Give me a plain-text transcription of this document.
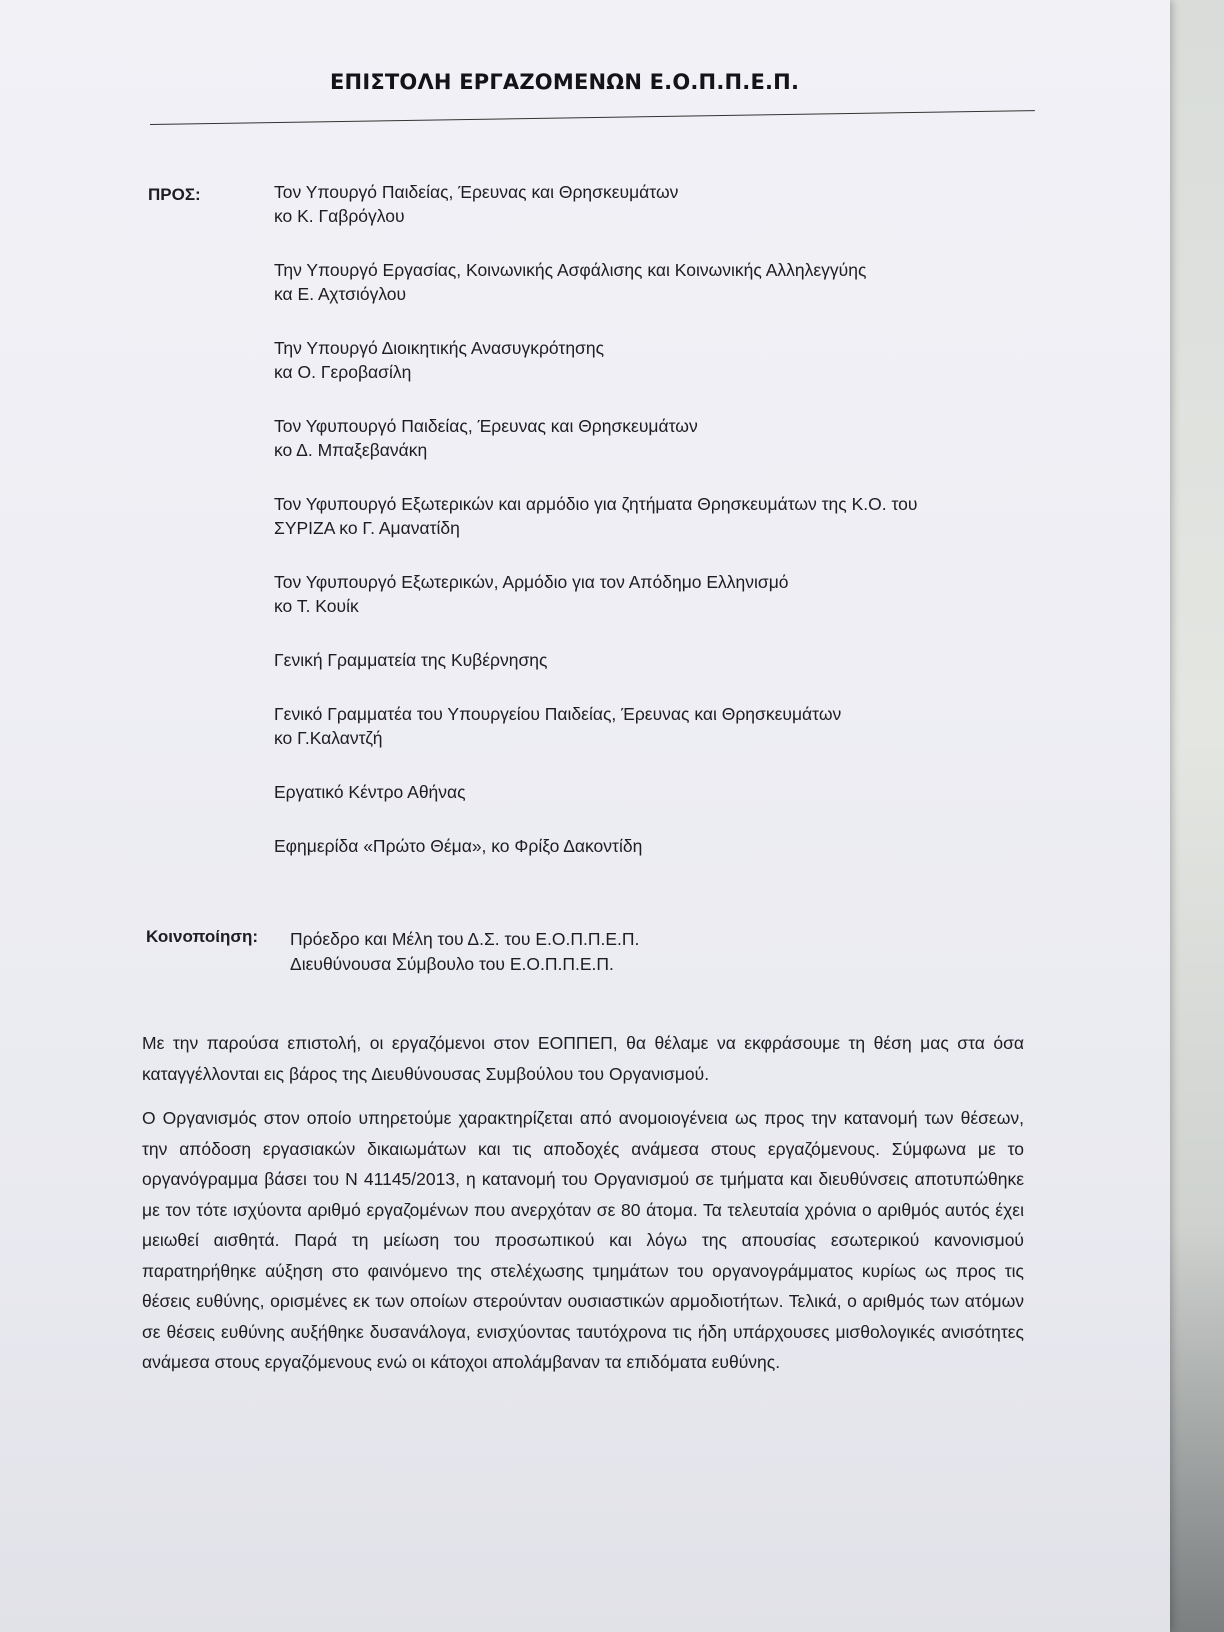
ΕΠΙΣΤΟΛΗ ΕΡΓΑΖΟΜΕΝΩΝ Ε.Ο.Π.Π.Ε.Π.
ΠΡΟΣ:	Τον Υπουργό Παιδείας, Έρευνας και Θρησκευμάτων
κο Κ. Γαβρόγλου
Την Υπουργό Εργασίας, Κοινωνικής Ασφάλισης και Κοινωνικής Αλληλεγγύης
κα Ε. Αχτσιόγλου
Την Υπουργό Διοικητικής Ανασυγκρότησης
κα Ο. Γεροβασίλη
Τον Υφυπουργό Παιδείας, Έρευνας και Θρησκευμάτων
κο Δ. Μπαξεβανάκη
Τον Υφυπουργό Εξωτερικών και αρμόδιο για ζητήματα Θρησκευμάτων της Κ.Ο. του
ΣΥΡΙΖΑ κο Γ. Αμανατίδη
Τον Υφυπουργό Εξωτερικών, Αρμόδιο για τον Απόδημο Ελληνισμό
κο Τ. Κουίκ
Γενική Γραμματεία της Κυβέρνησης
Γενικό Γραμματέα του Υπουργείου Παιδείας, Έρευνας και Θρησκευμάτων
κο Γ.Καλαντζή
Εργατικό Κέντρο Αθήνας
Εφημερίδα «Πρώτο Θέμα», κο Φρίξο Δακοντίδη
Κοινοποίηση: Πρόεδρο και Μέλη του Δ.Σ. του Ε.Ο.Π.Π.Ε.Π.
Διευθύνουσα Σύμβουλο του Ε.Ο.Π.Π.Ε.Π.

Με την παρούσα επιστολή, οι εργαζόμενοι στον ΕΟΠΠΕΠ, θα θέλαμε να εκφράσουμε τη θέση μας στα όσα καταγγέλλονται εις βάρος της Διευθύνουσας Συμβούλου του Οργανισμού.

Ο Οργανισμός στον οποίο υπηρετούμε χαρακτηρίζεται από ανομοιογένεια ως προς την κατανομή των θέσεων, την απόδοση εργασιακών δικαιωμάτων και τις αποδοχές ανάμεσα στους εργαζόμενους. Σύμφωνα με το οργανόγραμμα βάσει του Ν 41145/2013, η κατανομή του Οργανισμού σε τμήματα και διευθύνσεις αποτυπώθηκε με τον τότε ισχύοντα αριθμό εργαζομένων που ανερχόταν σε 80 άτομα. Τα τελευταία χρόνια ο αριθμός αυτός έχει μειωθεί αισθητά. Παρά τη μείωση του προσωπικού και λόγω της απουσίας εσωτερικού κανονισμού παρατηρήθηκε αύξηση στο φαινόμενο της στελέχωσης τμημάτων του οργανογράμματος κυρίως ως προς τις θέσεις ευθύνης, ορισμένες εκ των οποίων στερούνταν ουσιαστικών αρμοδιοτήτων. Τελικά, ο αριθμός των ατόμων σε θέσεις ευθύνης αυξήθηκε δυσανάλογα, ενισχύοντας ταυτόχρονα τις ήδη υπάρχουσες μισθολογικές ανισότητες ανάμεσα στους εργαζόμενους ενώ οι κάτοχοι απολάμβαναν τα επιδόματα ευθύνης.
